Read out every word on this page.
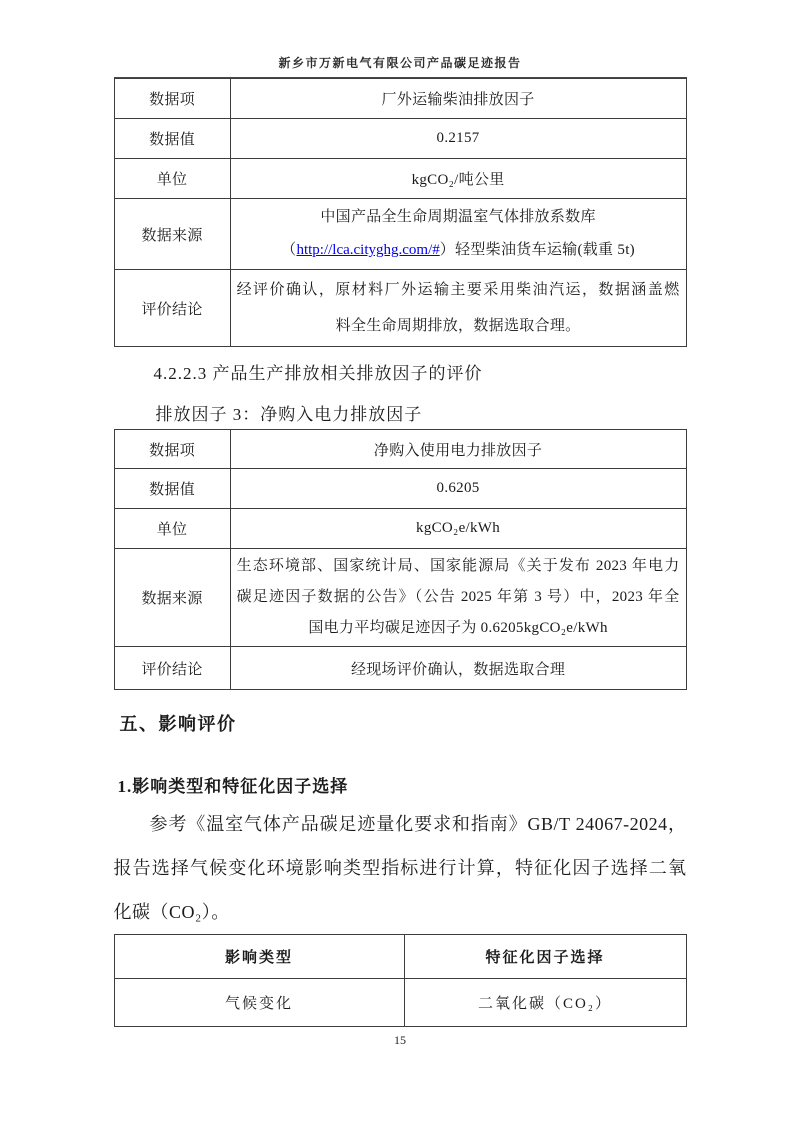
新乡市万新电气有限公司产品碳足迹报告
数据项	厂外运输柴油排放因子
数据值	0.2157
单位	kgCO₂/吨公里
数据来源	中国产品全生命周期温室气体排放系数库
（http://lca.cityghg.com/#）轻型柴油货车运输(载重 5t)

评价结论	经评价确认，原材料厂外运输主要采用柴油汽运，数据涵盖燃
料全生命周期排放，数据选取合理。
4.2.2.3 产品生产排放相关排放因子的评价
排放因子 3：净购入电力排放因子
数据项	净购入使用电力排放因子
数据值	0.6205
单位	kgCO₂e/kWh
数据来源	生态环境部、国家统计局、国家能源局《关于发布 2023 年电力
碳足迹因子数据的公告》（公告 2025 年第 3 号）中，2023 年全
国电力平均碳足迹因子为 0.6205kgCO₂e/kWh

评价结论	经现场评价确认，数据选取合理
五、影响评价
1.影响类型和特征化因子选择
参考《温室气体产品碳足迹量化要求和指南》GB/T 24067-2024，
报告选择气候变化环境影响类型指标进行计算，特征化因子选择二氧
化碳（CO₂）。
影响类型	特征化因子选择
气候变化	二氧化碳（CO₂）
15
